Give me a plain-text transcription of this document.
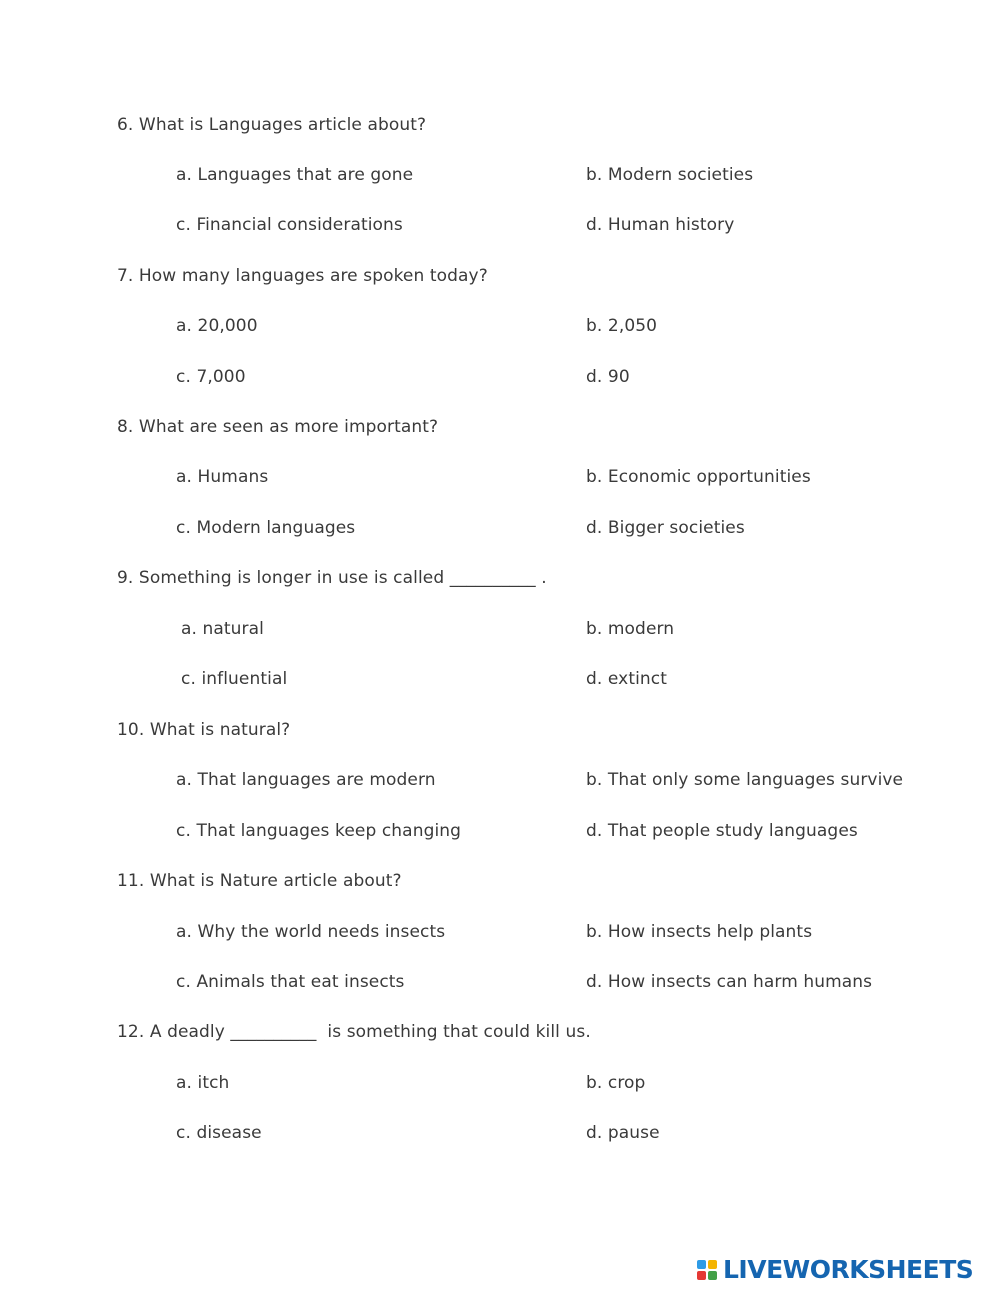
6. What is Languages article about?
a. Languages that are gone	b. Modern societies
c. Financial considerations	d. Human history
7. How many languages are spoken today?
a. 20,000	b. 2,050
c. 7,000	d. 90
8. What are seen as more important?
a. Humans	b. Economic opportunities
c. Modern languages	d. Bigger societies
9. Something is longer in use is called __________ .
a. natural	b. modern
c. influential	d. extinct
10. What is natural?
a. That languages are modern	b. That only some languages survive
c. That languages keep changing	d. That people study languages
11. What is Nature article about?
a. Why the world needs insects	b. How insects help plants
c. Animals that eat insects	d. How insects can harm humans
12. A deadly __________  is something that could kill us.
a. itch	b. crop
c. disease	d. pause
LIVEWORKSHEETS
